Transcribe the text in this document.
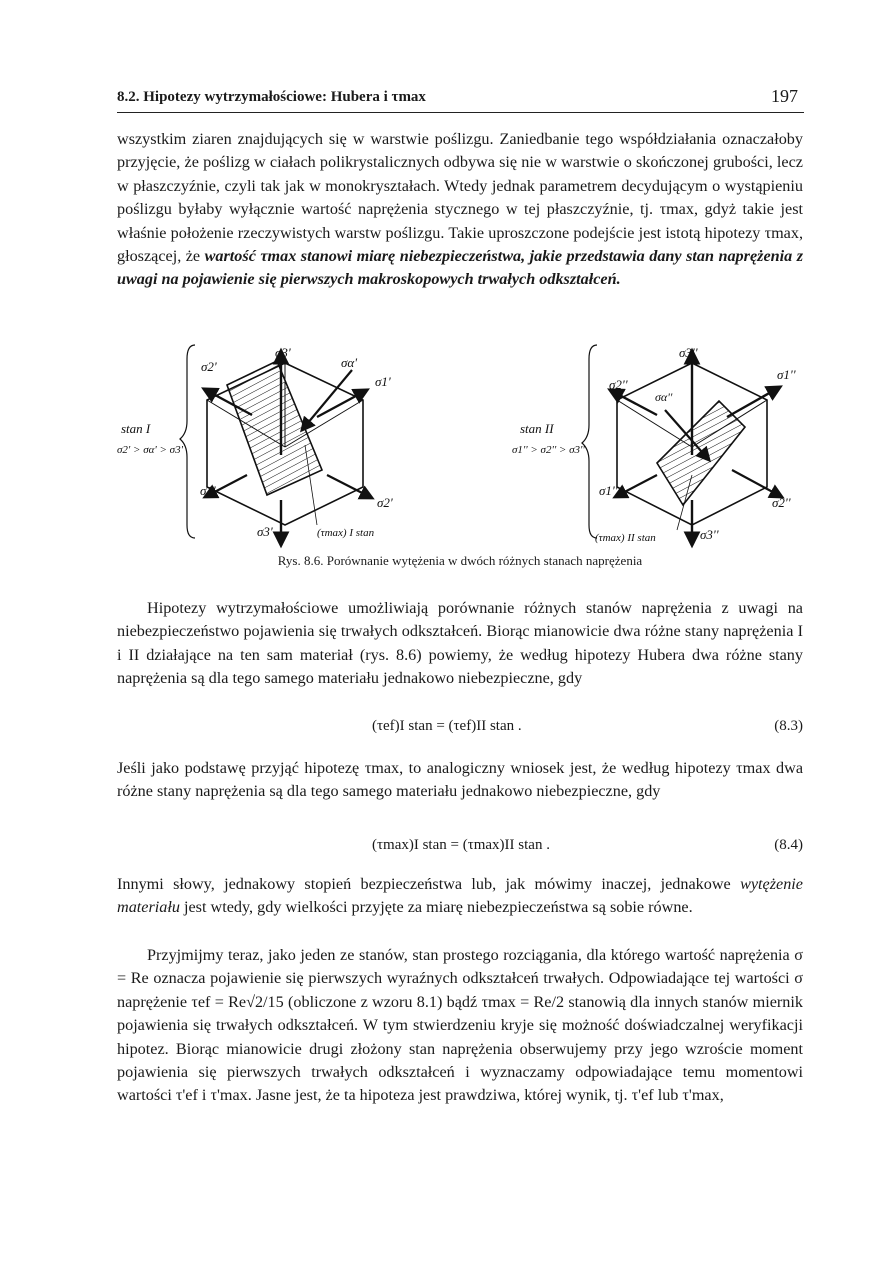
8.2. Hipotezy wytrzymałościowe: Hubera i τmax	197
wszystkim ziaren znajdujących się w warstwie poślizgu. Zaniedbanie tego współdziałania oznaczałoby przyjęcie, że poślizg w ciałach polikrystalicznych odbywa się nie w warstwie o skończonej grubości, lecz w płaszczyźnie, czyli tak jak w monokryształach. Wtedy jednak parametrem decydującym o wystąpieniu poślizgu byłaby wyłącznie wartość naprężenia stycznego w tej płaszczyźnie, tj. τmax, gdyż takie jest właśnie położenie rzeczywistych warstw poślizgu. Takie uproszczone podejście jest istotą hipotezy τmax, głoszącej, że wartość τmax stanowi miarę niebezpieczeństwa, jakie przedstawia dany stan naprężenia z uwagi na pojawienie się pierwszych makroskopowych trwałych odkształceń.
σ3'
σ2'	σα'
σ1'
σ1'
σ2'
σ3'	(τmax) I stan
stan I
σ2' > σα' > σ3'
σ3''
σ2''
σα''
σ1''
σ1''
σ2''
σ3''
(τmax) II stan
stan II
σ1'' > σ2'' > σ3''
Rys. 8.6. Porównanie wytężenia w dwóch różnych stanach naprężenia
Hipotezy wytrzymałościowe umożliwiają porównanie różnych stanów naprężenia z uwagi na niebezpieczeństwo pojawienia się trwałych odkształceń. Biorąc mianowicie dwa różne stany naprężenia I i II działające na ten sam materiał (rys. 8.6) powiemy, że według hipotezy Hubera dwa różne stany naprężenia są dla tego samego materiału jednakowo niebezpieczne, gdy
(τef)I stan = (τef)II stan .	(8.3)
Jeśli jako podstawę przyjąć hipotezę τmax, to analogiczny wniosek jest, że według hipotezy τmax dwa różne stany naprężenia są dla tego samego materiału jednakowo niebezpieczne, gdy
(τmax)I stan = (τmax)II stan .	(8.4)
Innymi słowy, jednakowy stopień bezpieczeństwa lub, jak mówimy inaczej, jednakowe wytężenie materiału jest wtedy, gdy wielkości przyjęte za miarę niebezpieczeństwa są sobie równe.
Przyjmijmy teraz, jako jeden ze stanów, stan prostego rozciągania, dla którego wartość naprężenia σ = Re oznacza pojawienie się pierwszych wyraźnych odkształceń trwałych. Odpowiadające tej wartości σ naprężenie τef = Re√2/15 (obliczone z wzoru 8.1) bądź τmax = Re/2 stanowią dla innych stanów miernik pojawienia się trwałych odkształceń. W tym stwierdzeniu kryje się możność doświadczalnej weryfikacji hipotez. Biorąc mianowicie drugi złożony stan naprężenia obserwujemy przy jego wzroście moment pojawienia się pierwszych trwałych odkształceń i wyznaczamy odpowiadające temu momentowi wartości τ'ef i τ'max. Jasne jest, że ta hipoteza jest prawdziwa, której wynik, tj. τ'ef lub τ'max,
